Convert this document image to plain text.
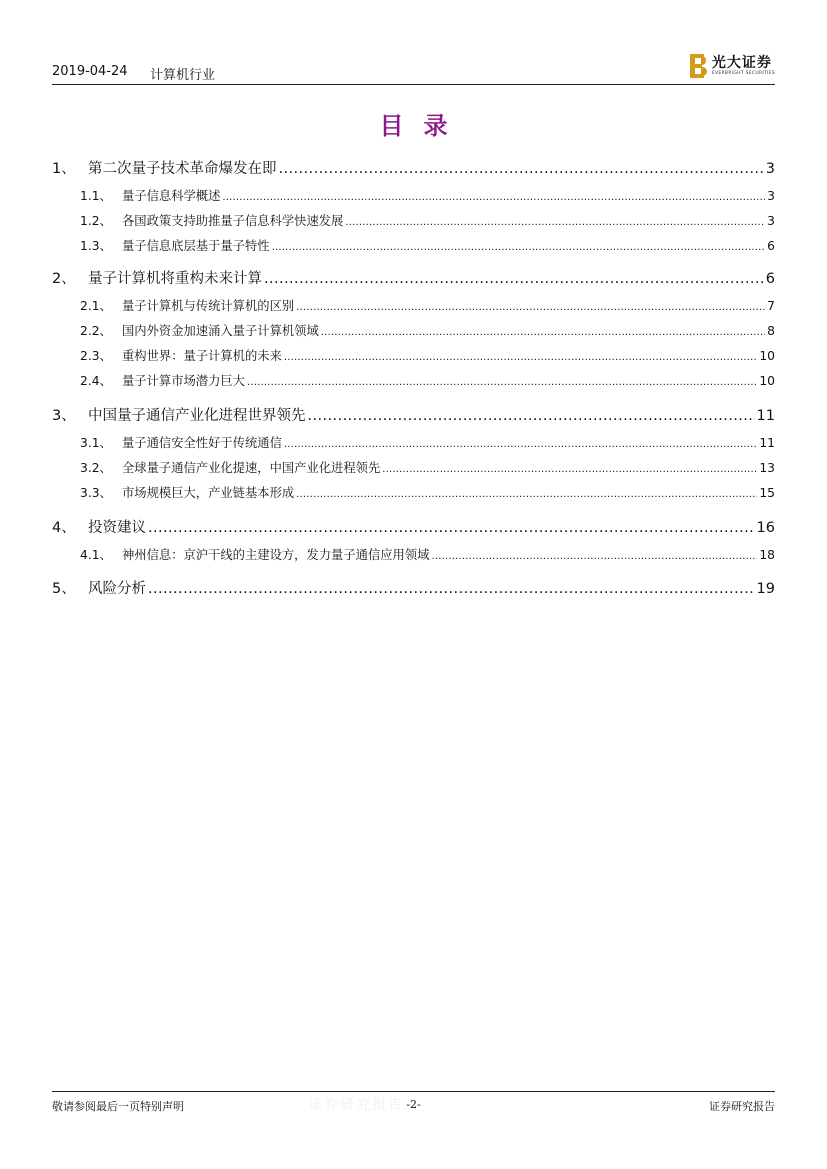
2019-04-24 计算机行业
光大证券
EVERBRIGHT SECURITIES
目录
1、 第二次量子技术革命爆发在即 .....	3
1.1、 量子信息科学概述 .....	3
1.2、 各国政策支持助推量子信息科学快速发展 .....	3
1.3、 量子信息底层基于量子特性 .....	6
2、 量子计算机将重构未来计算 .....	6
2.1、 量子计算机与传统计算机的区别 .....	7
2.2、 国内外资金加速涌入量子计算机领域 .....	8
2.3、 重构世界：量子计算机的未来 .....	10
2.4、 量子计算市场潜力巨大 .....	10
3、 中国量子通信产业化进程世界领先 .....	11
3.1、 量子通信安全性好于传统通信 .....	11
3.2、 全球量子通信产业化提速，中国产业化进程领先 .....	13
3.3、 市场规模巨大，产业链基本形成 .....	15
4、 投资建议 .....	16
4.1、 神州信息：京沪干线的主建设方，发力量子通信应用领域 .....	18
5、 风险分析 .....	19
敬请参阅最后一页特别声明	证券研究报告 -2-	证券研究报告
